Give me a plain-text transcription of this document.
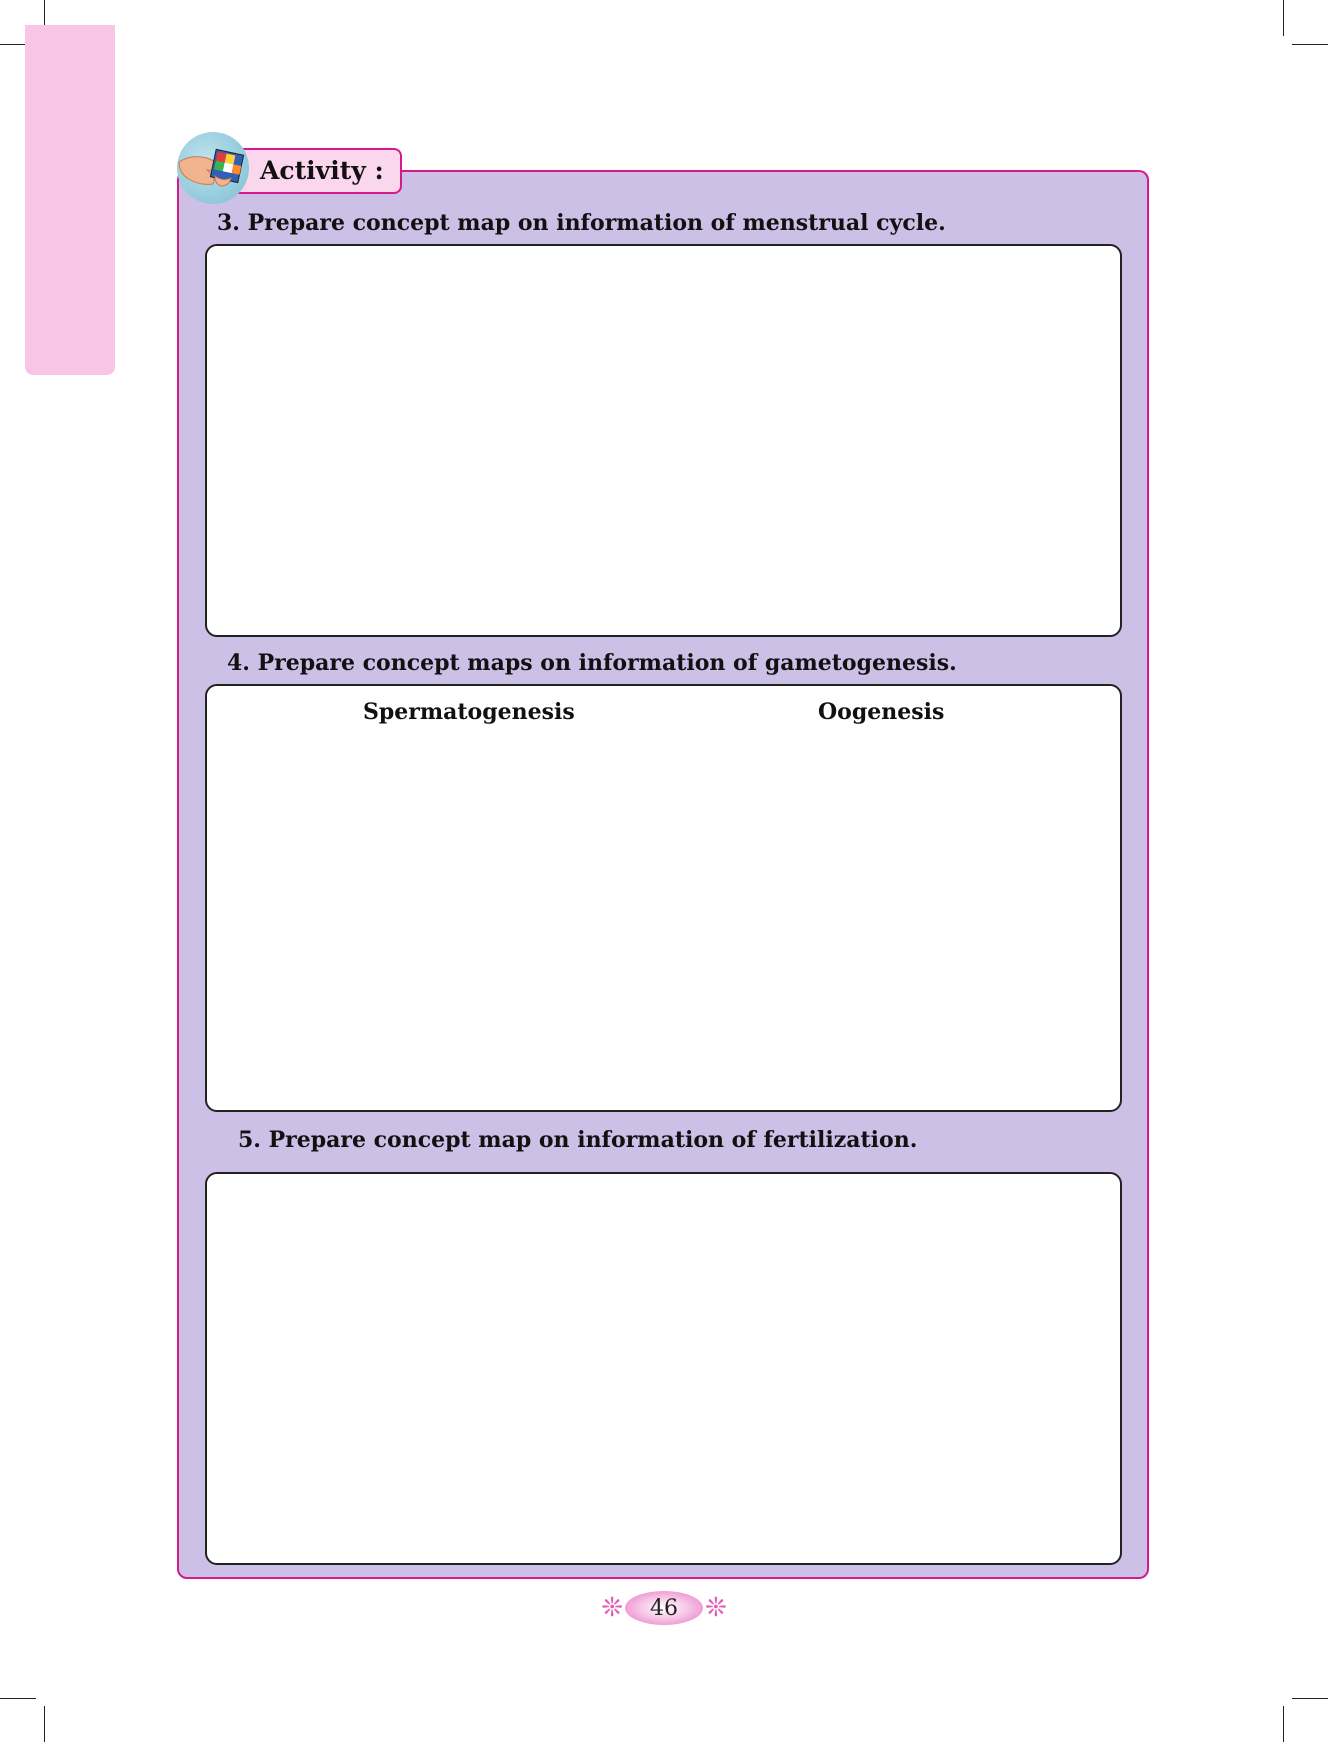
Activity :
3. Prepare concept map on information of menstrual cycle.
4. Prepare concept maps on information of gametogenesis.
Spermatogenesis	Oogenesis
5. Prepare concept map on information of fertilization.
❊	46	❊
